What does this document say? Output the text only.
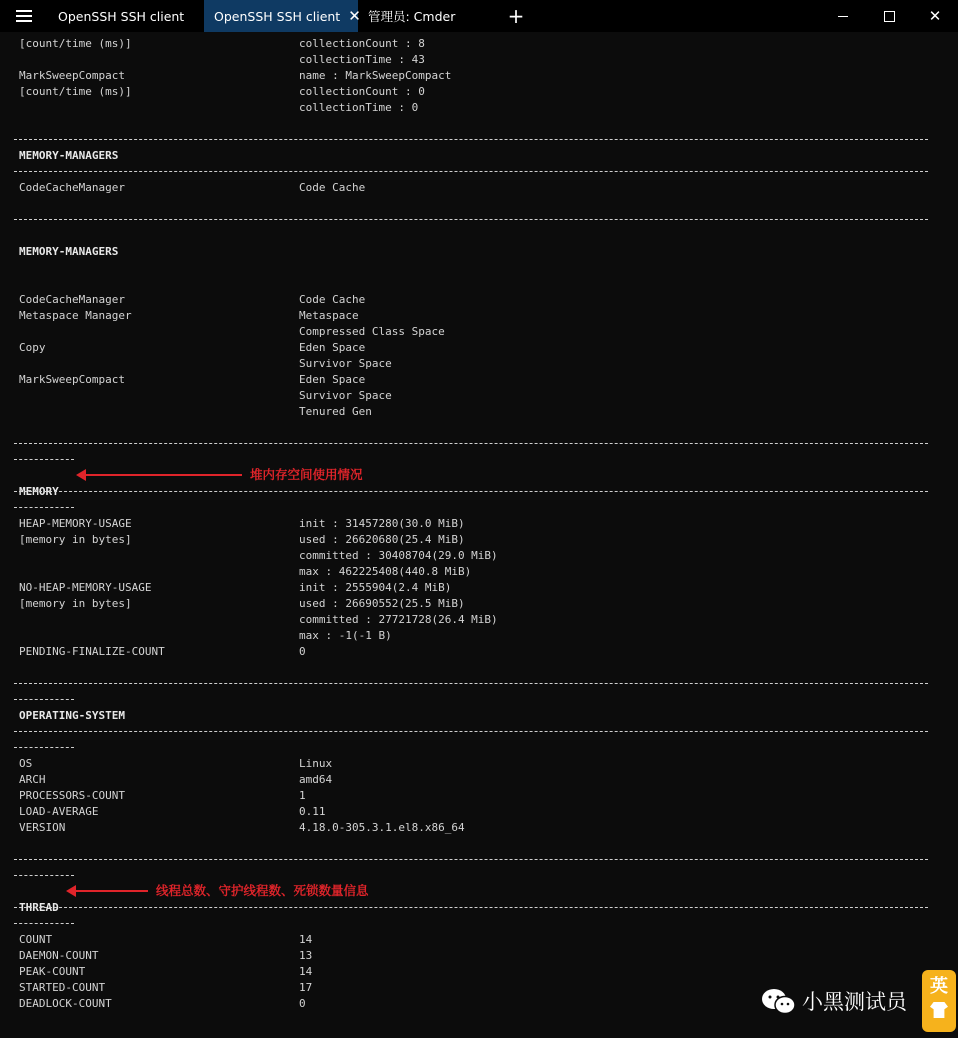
OpenSSH SSH client OpenSSH SSH client ✕ 管理员: Cmder	+	✕
[count/time (ms)]	collectionCount : 8
collectionTime : 43
MarkSweepCompact	name : MarkSweepCompact
[count/time (ms)]	collectionCount : 0
collectionTime : 0
MEMORY-MANAGERS
CodeCacheManager	Code Cache
MEMORY-MANAGERS
CodeCacheManager	Code Cache
Metaspace Manager	Metaspace
Compressed Class Space
Copy	Eden Space
Survivor Space
MarkSweepCompact	Eden Space
Survivor Space
Tenured Gen

MEMORY

堆内存空间使用情况

HEAP-MEMORY-USAGE	init : 31457280(30.0 MiB)
[memory in bytes]	used : 26620680(25.4 MiB)
committed : 30408704(29.0 MiB)
max : 462225408(440.8 MiB)
NO-HEAP-MEMORY-USAGE	init : 2555904(2.4 MiB)
[memory in bytes]	used : 26690552(25.5 MiB)
committed : 27721728(26.4 MiB)
max : -1(-1 B)
PENDING-FINALIZE-COUNT	0
OPERATING-SYSTEM
OS	Linux
ARCH	amd64
PROCESSORS-COUNT	1
LOAD-AVERAGE	0.11
VERSION	4.18.0-305.3.1.el8.x86_64

THREAD

线程总数、守护线程数、死锁数量信息

COUNT	14
DAEMON-COUNT	13
PEAK-COUNT	14
STARTED-COUNT	17
DEADLOCK-COUNT	0	小黑测试员
英
